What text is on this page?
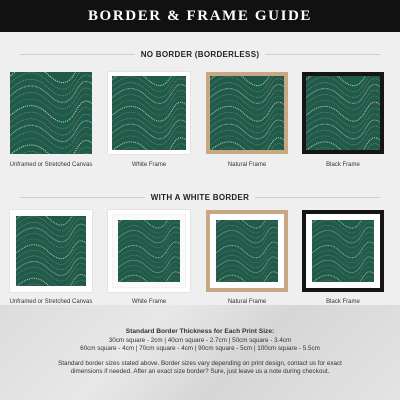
BORDER & FRAME GUIDE
NO BORDER (BORDERLESS)
Unframed or Stretched Canvas	White Frame	Natural Frame	Black Frame
WITH A WHITE BORDER
Unframed or Stretched Canvas	White Frame	Natural Frame	Black Frame
Standard Border Thickness for Each Print Size:
30cm square - 2cm | 40cm square - 2.7cm | 50cm square - 3.4cm
60cm square - 4cm | 70cm square - 4cm | 90cm square - 5cm | 100cm square - 5.5cm
Standard border sizes stated above. Border sizes vary depending on print design, contact us for exact
dimensions if needed. After an exact size border? Sure, just leave us a note during checkout.
